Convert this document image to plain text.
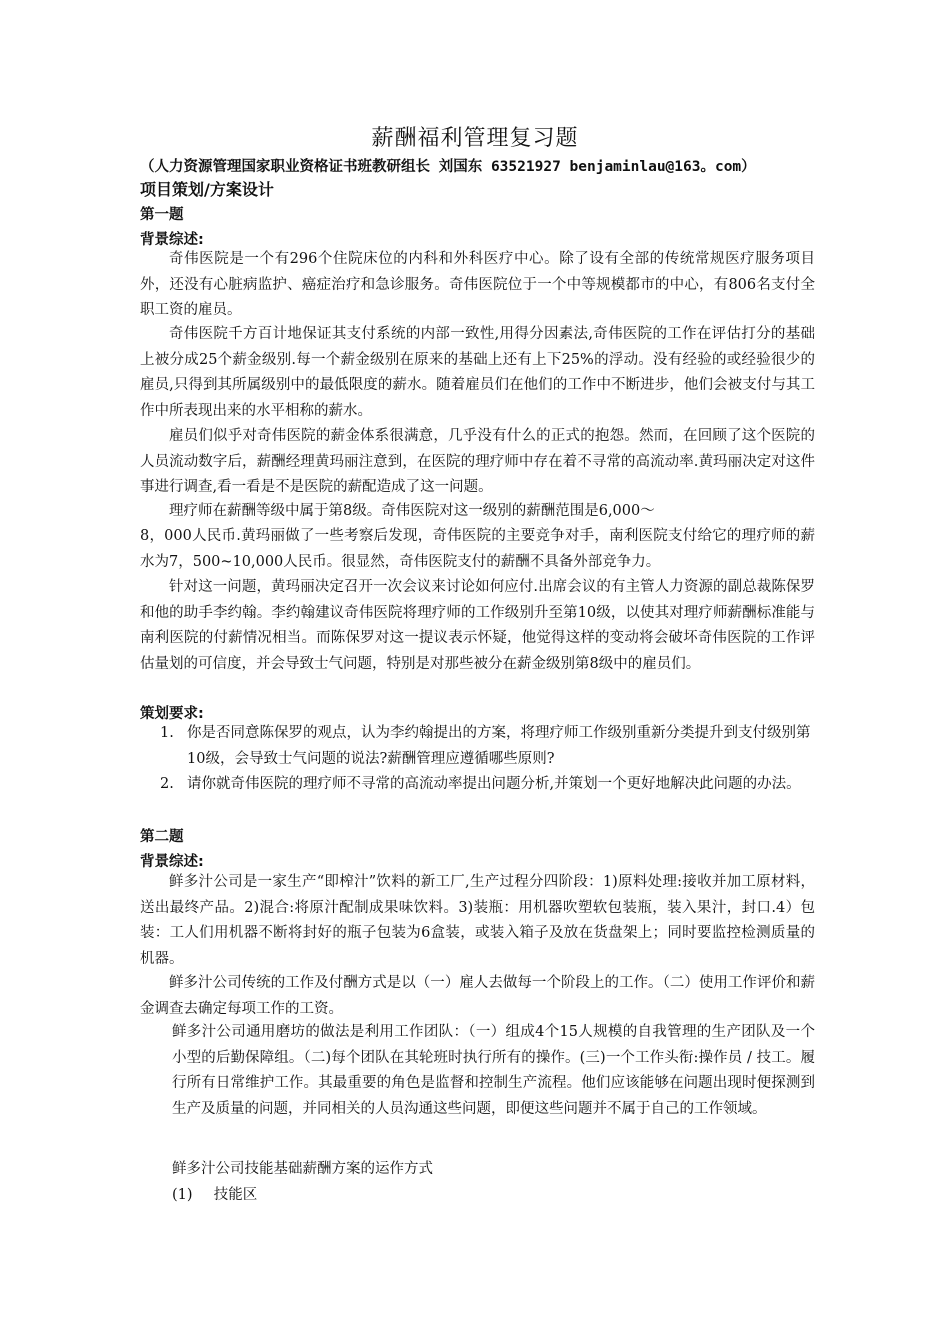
薪酬福利管理复习题
（人力资源管理国家职业资格证书班教研组长 刘国东 63521927 benjaminlau@163。com）
项目策划/方案设计
第一题
背景综述:
奇伟医院是一个有296个住院床位的内科和外科医疗中心。除了设有全部的传统常规医疗服务项目外，还没有心脏病监护、癌症治疗和急诊服务。奇伟医院位于一个中等规模都市的中心，有806名支付全职工资的雇员。
奇伟医院千方百计地保证其支付系统的内部一致性,用得分因素法,奇伟医院的工作在评估打分的基础上被分成25个薪金级别.每一个薪金级别在原来的基础上还有上下25%的浮动。没有经验的或经验很少的雇员,只得到其所属级别中的最低限度的薪水。随着雇员们在他们的工作中不断进步，他们会被支付与其工作中所表现出来的水平相称的薪水。
雇员们似乎对奇伟医院的薪金体系很满意，几乎没有什么的正式的抱怨。然而，在回顾了这个医院的人员流动数字后，薪酬经理黄玛丽注意到，在医院的理疗师中存在着不寻常的高流动率.黄玛丽决定对这件事进行调查,看一看是不是医院的薪配造成了这一问题。
理疗师在薪酬等级中属于第8级。奇伟医院对这一级别的薪酬范围是6,000～
8，000人民币.黄玛丽做了一些考察后发现，奇伟医院的主要竞争对手，南利医院支付给它的理疗师的薪水为7，500~10,000人民币。很显然，奇伟医院支付的薪酬不具备外部竞争力。
针对这一问题，黄玛丽决定召开一次会议来讨论如何应付.出席会议的有主管人力资源的副总裁陈保罗和他的助手李约翰。李约翰建议奇伟医院将理疗师的工作级别升至第10级，以使其对理疗师薪酬标准能与南利医院的付薪情况相当。而陈保罗对这一提议表示怀疑，他觉得这样的变动将会破坏奇伟医院的工作评估量划的可信度，并会导致士气问题，特别是对那些被分在薪金级别第8级中的雇员们。
策划要求:
1. 你是否同意陈保罗的观点，认为李约翰提出的方案，将理疗师工作级别重新分类提升到支付级别第10级，会导致士气问题的说法?薪酬管理应遵循哪些原则?
2. 请你就奇伟医院的理疗师不寻常的高流动率提出问题分析,并策划一个更好地解决此问题的办法。
第二题
背景综述:
鲜多汁公司是一家生产“即榨汁”饮料的新工厂,生产过程分四阶段：1)原料处理:接收并加工原材料，送出最终产品。2)混合:将原汁配制成果味饮料。3)装瓶：用机器吹塑软包装瓶，装入果汁，封口.4）包装：工人们用机器不断将封好的瓶子包装为6盒装，或装入箱子及放在货盘架上；同时要监控检测质量的机器。
鲜多汁公司传统的工作及付酬方式是以（一）雇人去做每一个阶段上的工作。（二）使用工作评价和薪金调查去确定每项工作的工资。
鲜多汁公司通用磨坊的做法是利用工作团队：（一）组成4个15人规模的自我管理的生产团队及一个小型的后勤保障组。（二)每个团队在其轮班时执行所有的操作。(三)一个工作头衔:操作员 / 技工。履行所有日常维护工作。其最重要的角色是监督和控制生产流程。他们应该能够在问题出现时便探测到生产及质量的问题，并同相关的人员沟通这些问题，即便这些问题并不属于自己的工作领域。
鲜多汁公司技能基础薪酬方案的运作方式
(1) 技能区
